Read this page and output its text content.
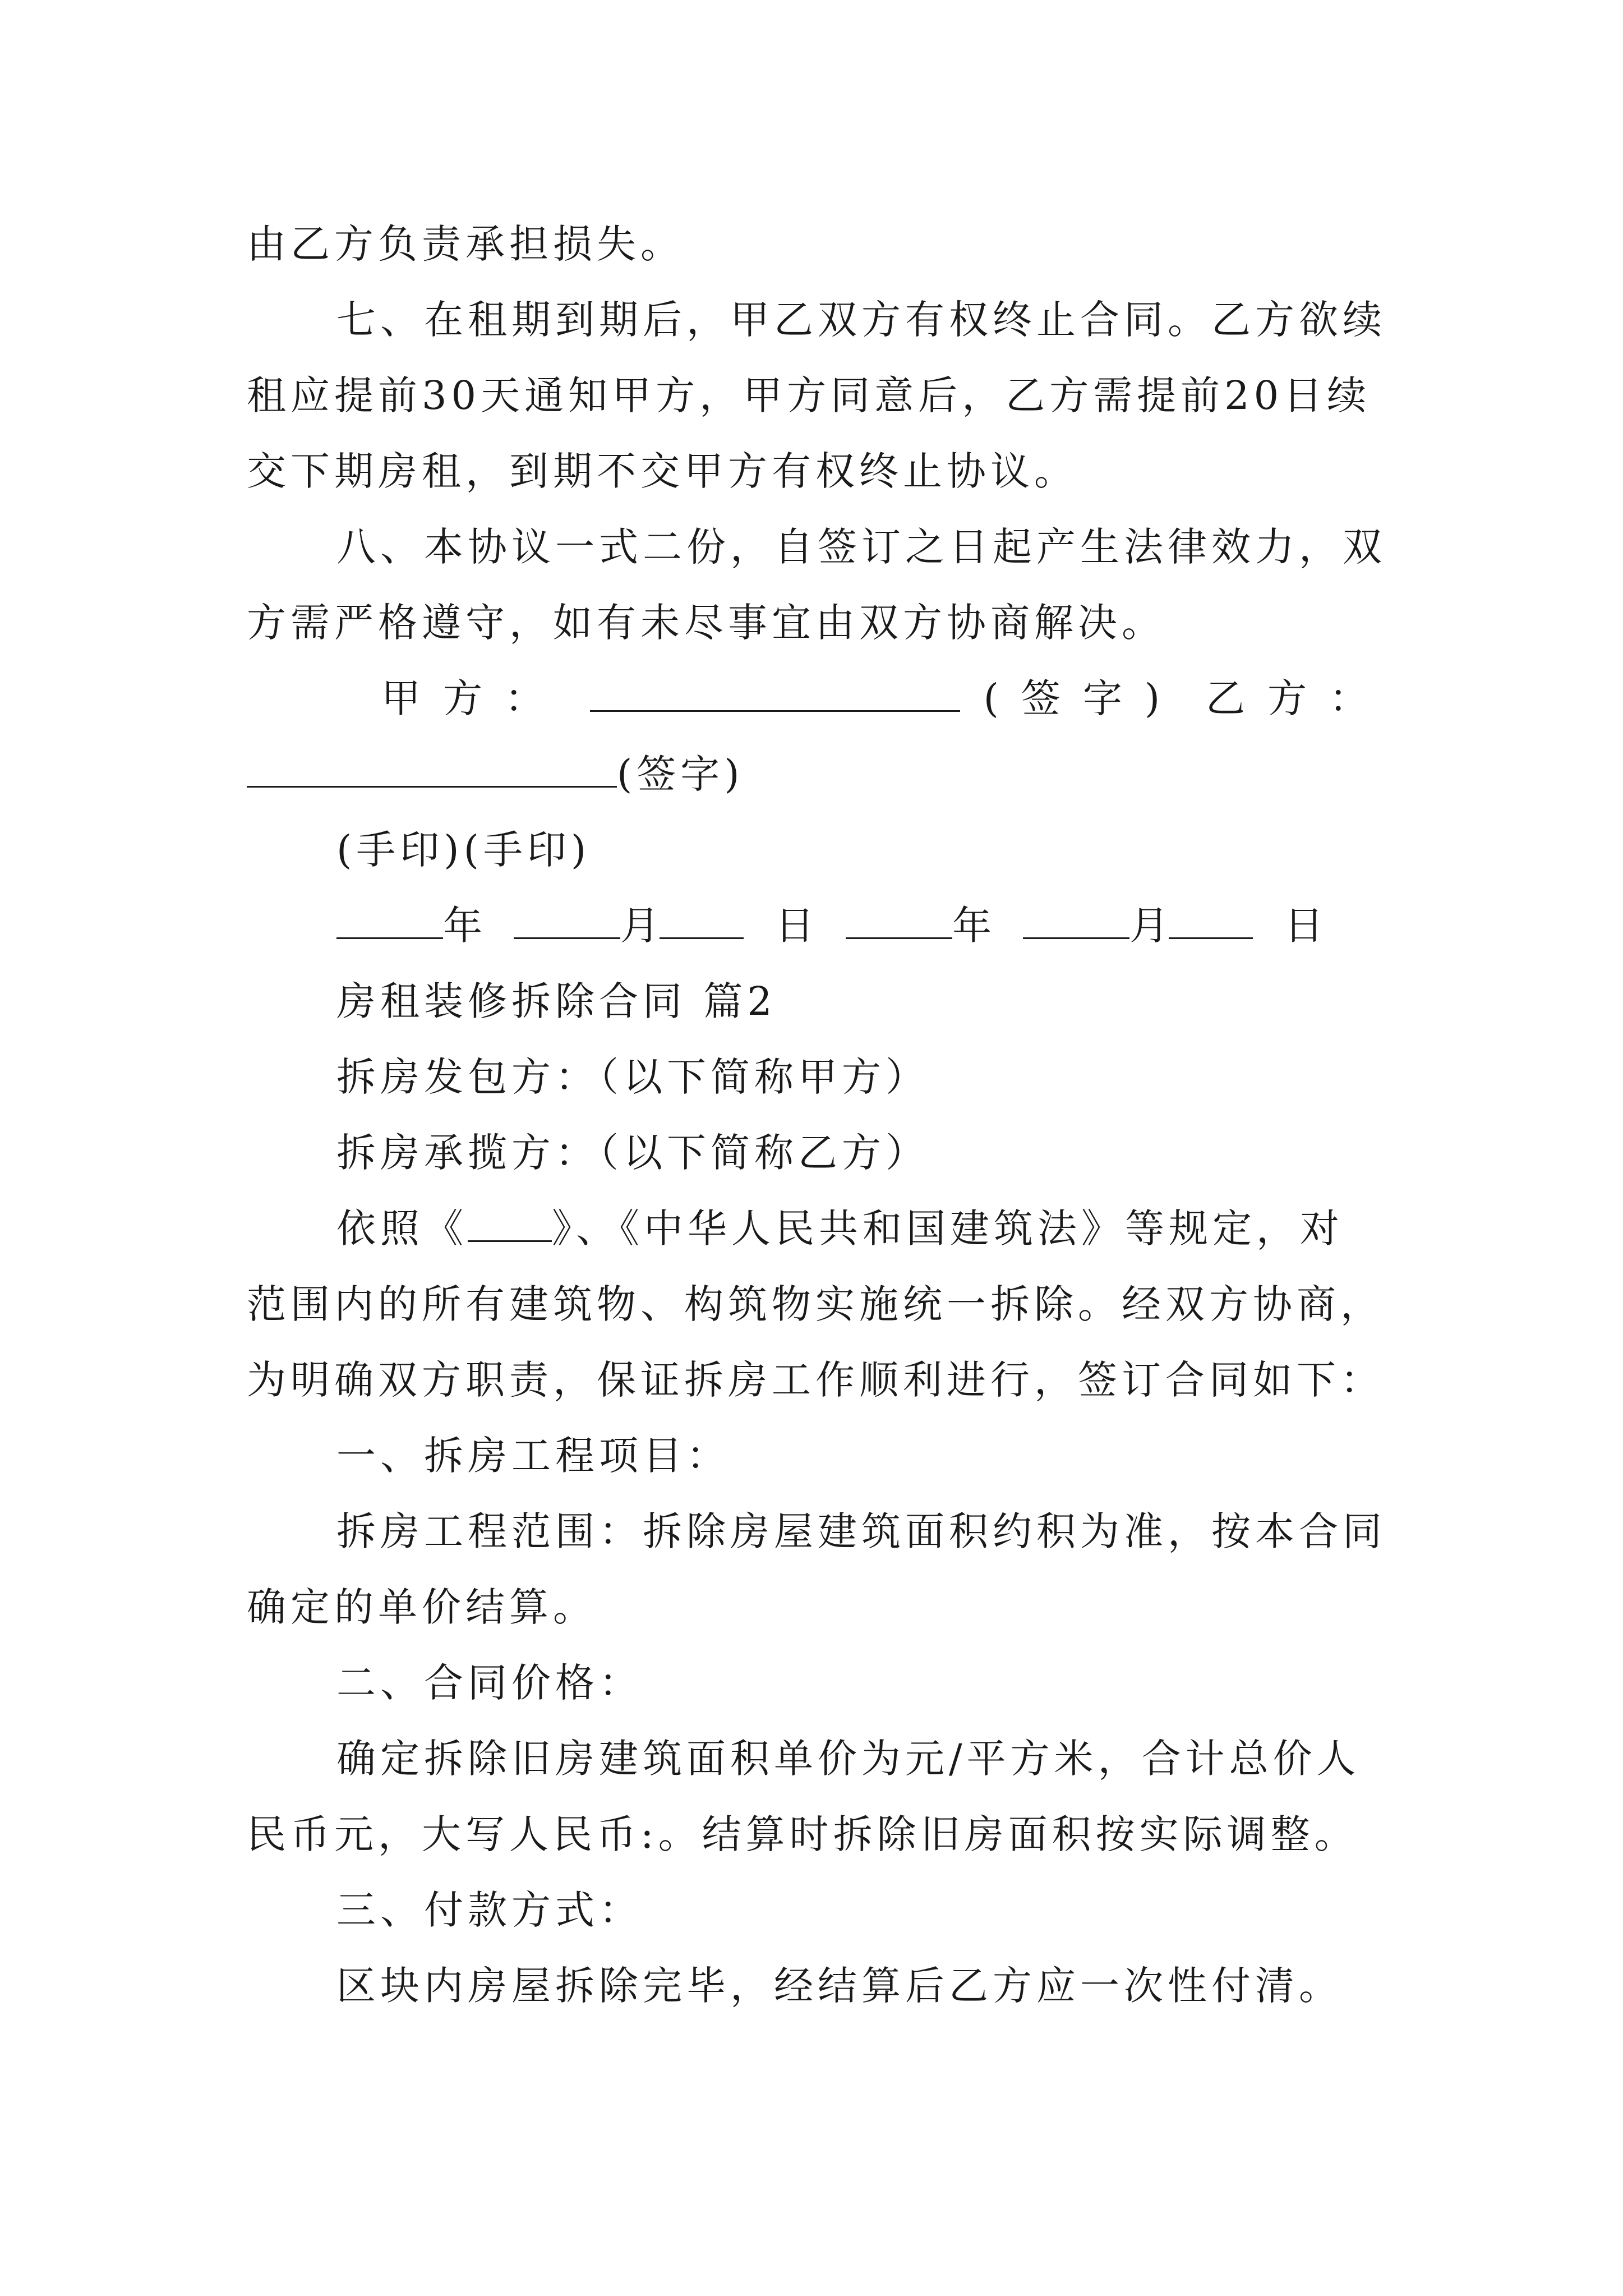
由乙方负责承担损失。
七、在租期到期后，甲乙双方有权终止合同。乙方欲续
租应提前30天通知甲方，甲方同意后，乙方需提前20日续
交下期房租，到期不交甲方有权终止协议。
八、本协议一式二份，自签订之日起产生法律效力，双
方需严格遵守，如有未尽事宜由双方协商解决。
甲方：	(签字) 乙方：
(签字)
(手印)(手印)
年	月	日	年	月	日
房租装修拆除合同 篇2
拆房发包方：（以下简称甲方）
拆房承揽方：（以下简称乙方）
依照《 》、《中华人民共和国建筑法》等规定，对
范围内的所有建筑物、构筑物实施统一拆除。经双方协商，
为明确双方职责，保证拆房工作顺利进行，签订合同如下：
一、拆房工程项目：
拆房工程范围：拆除房屋建筑面积约积为准，按本合同
确定的单价结算。
二、合同价格：
确定拆除旧房建筑面积单价为元/平方米，合计总价人
民币元，大写人民币:。结算时拆除旧房面积按实际调整。
三、付款方式：
区块内房屋拆除完毕，经结算后乙方应一次性付清。
